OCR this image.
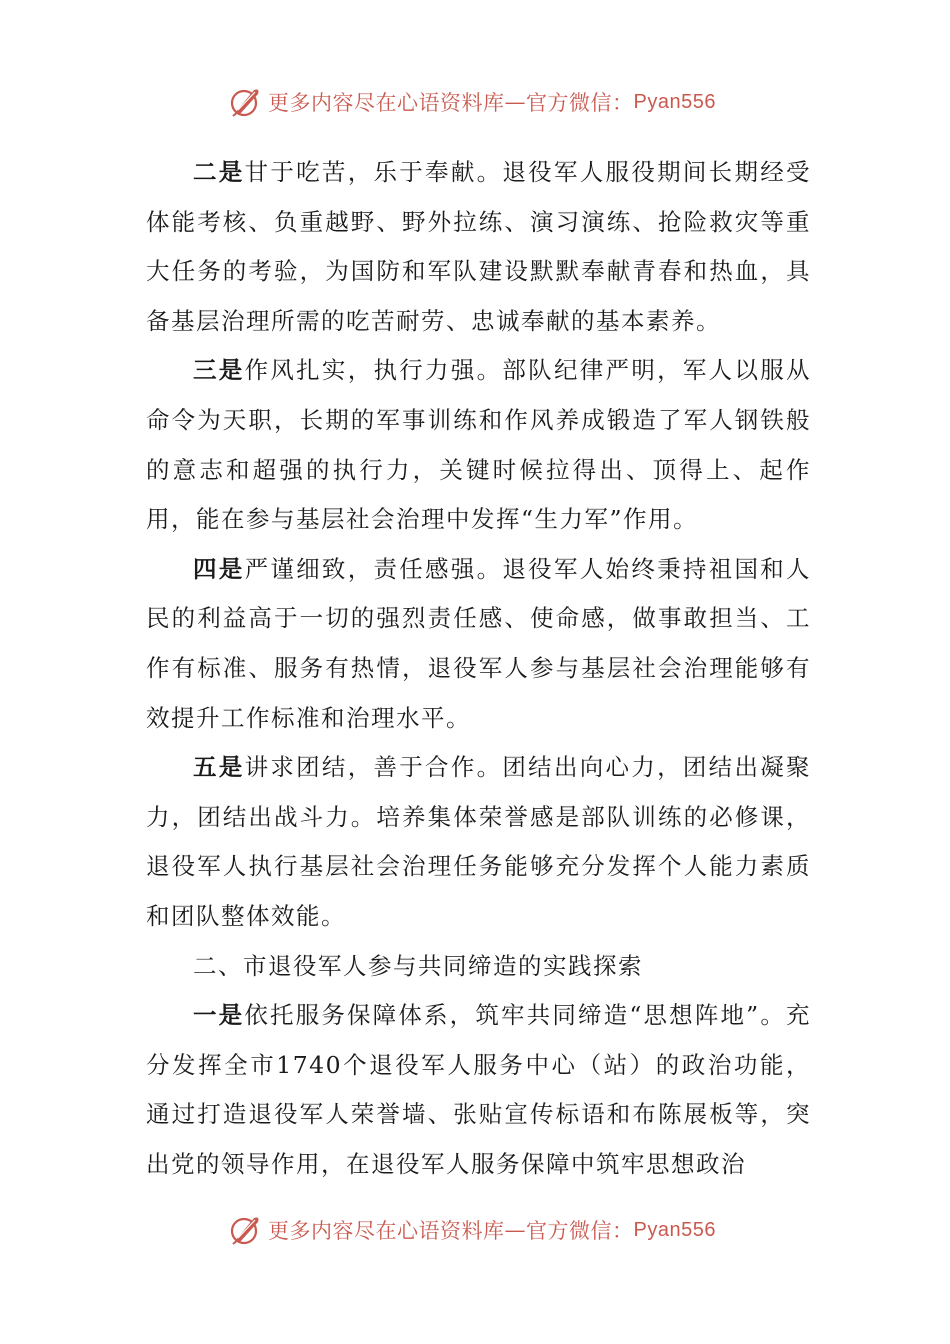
更多内容尽在心语资料库 — 官方微信： Pyan556

二是甘于吃苦，乐于奉献。退役军人服役期间长期经受体能考核、负重越野、野外拉练、演习演练、抢险救灾等重大任务的考验，为国防和军队建设默默奉献青春和热血，具备基层治理所需的吃苦耐劳、忠诚奉献的基本素养。

三是作风扎实，执行力强。部队纪律严明，军人以服从命令为天职，长期的军事训练和作风养成锻造了军人钢铁般的意志和超强的执行力，关键时候拉得出、顶得上、起作用，能在参与基层社会治理中发挥“生力军”作用。

四是严谨细致，责任感强。退役军人始终秉持祖国和人民的利益高于一切的强烈责任感、使命感，做事敢担当、工作有标准、服务有热情，退役军人参与基层社会治理能够有效提升工作标准和治理水平。

五是讲求团结，善于合作。团结出向心力，团结出凝聚力，团结出战斗力。培养集体荣誉感是部队训练的必修课，退役军人执行基层社会治理任务能够充分发挥个人能力素质和团队整体效能。

二、市退役军人参与共同缔造的实践探索

一是依托服务保障体系，筑牢共同缔造“思想阵地”。充分发挥全市1740个退役军人服务中心（站）的政治功能，通过打造退役军人荣誉墙、张贴宣传标语和布陈展板等，突出党的领导作用，在退役军人服务保障中筑牢思想政治

更多内容尽在心语资料库 — 官方微信： Pyan556
